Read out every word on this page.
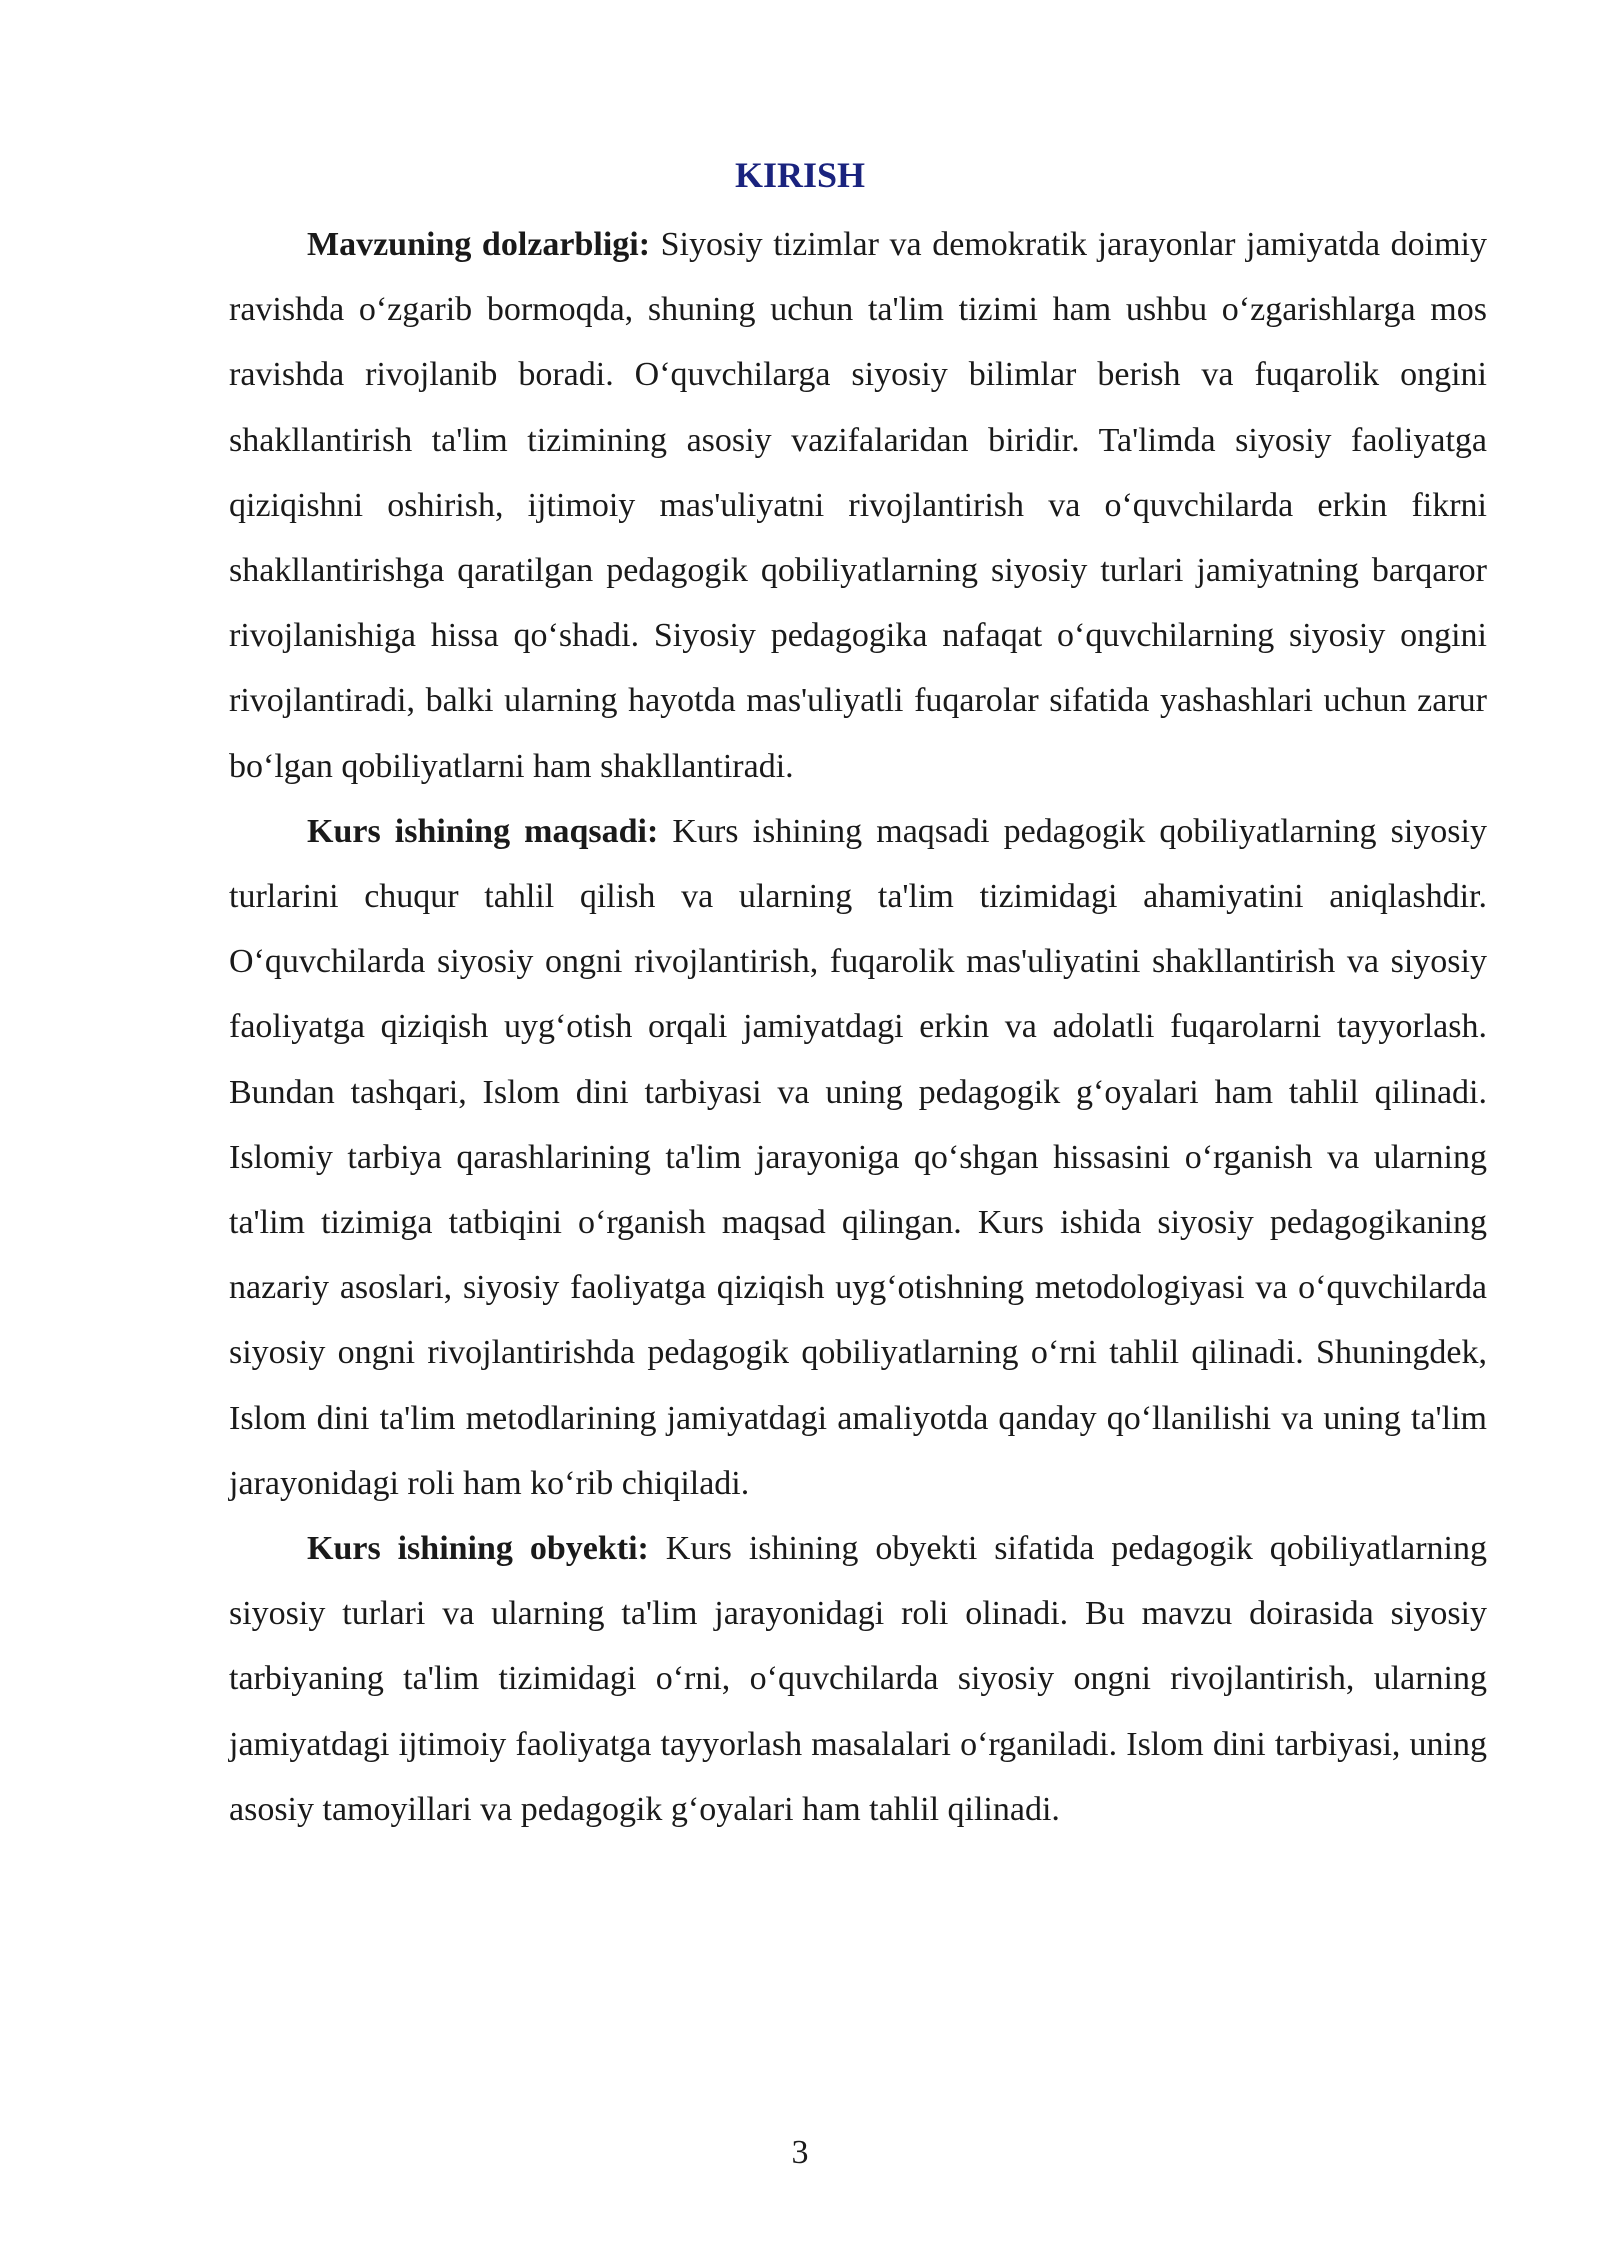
KIRISH

Mavzuning dolzarbligi: Siyosiy tizimlar va demokratik jarayonlar jamiyatda doimiy ravishda o‘zgarib bormoqda, shuning uchun ta'lim tizimi ham ushbu o‘zgarishlarga mos ravishda rivojlanib boradi. O‘quvchilarga siyosiy bilimlar berish va fuqarolik ongini shakllantirish ta'lim tizimining asosiy vazifalaridan biridir. Ta'limda siyosiy faoliyatga qiziqishni oshirish, ijtimoiy mas'uliyatni rivojlantirish va o‘quvchilarda erkin fikrni shakllantirishga qaratilgan pedagogik qobiliyatlarning siyosiy turlari jamiyatning barqaror rivojlanishiga hissa qo‘shadi. Siyosiy pedagogika nafaqat o‘quvchilarning siyosiy ongini rivojlantiradi, balki ularning hayotda mas'uliyatli fuqarolar sifatida yashashlari uchun zarur bo‘lgan qobiliyatlarni ham shakllantiradi.

Kurs ishining maqsadi: Kurs ishining maqsadi pedagogik qobiliyatlarning siyosiy turlarini chuqur tahlil qilish va ularning ta'lim tizimidagi ahamiyatini aniqlashdir. O‘quvchilarda siyosiy ongni rivojlantirish, fuqarolik mas'uliyatini shakllantirish va siyosiy faoliyatga qiziqish uyg‘otish orqali jamiyatdagi erkin va adolatli fuqarolarni tayyorlash. Bundan tashqari, Islom dini tarbiyasi va uning pedagogik g‘oyalari ham tahlil qilinadi. Islomiy tarbiya qarashlarining ta'lim jarayoniga qo‘shgan hissasini o‘rganish va ularning ta'lim tizimiga tatbiqini o‘rganish maqsad qilingan. Kurs ishida siyosiy pedagogikaning nazariy asoslari, siyosiy faoliyatga qiziqish uyg‘otishning metodologiyasi va o‘quvchilarda siyosiy ongni rivojlantirishda pedagogik qobiliyatlarning o‘rni tahlil qilinadi. Shuningdek, Islom dini ta'lim metodlarining jamiyatdagi amaliyotda qanday qo‘llanilishi va uning ta'lim jarayonidagi roli ham ko‘rib chiqiladi.

Kurs ishining obyekti: Kurs ishining obyekti sifatida pedagogik qobiliyatlarning siyosiy turlari va ularning ta'lim jarayonidagi roli olinadi. Bu mavzu doirasida siyosiy tarbiyaning ta'lim tizimidagi o‘rni, o‘quvchilarda siyosiy ongni rivojlantirish, ularning jamiyatdagi ijtimoiy faoliyatga tayyorlash masalalari o‘rganiladi. Islom dini tarbiyasi, uning asosiy tamoyillari va pedagogik g‘oyalari ham tahlil qilinadi.

3
